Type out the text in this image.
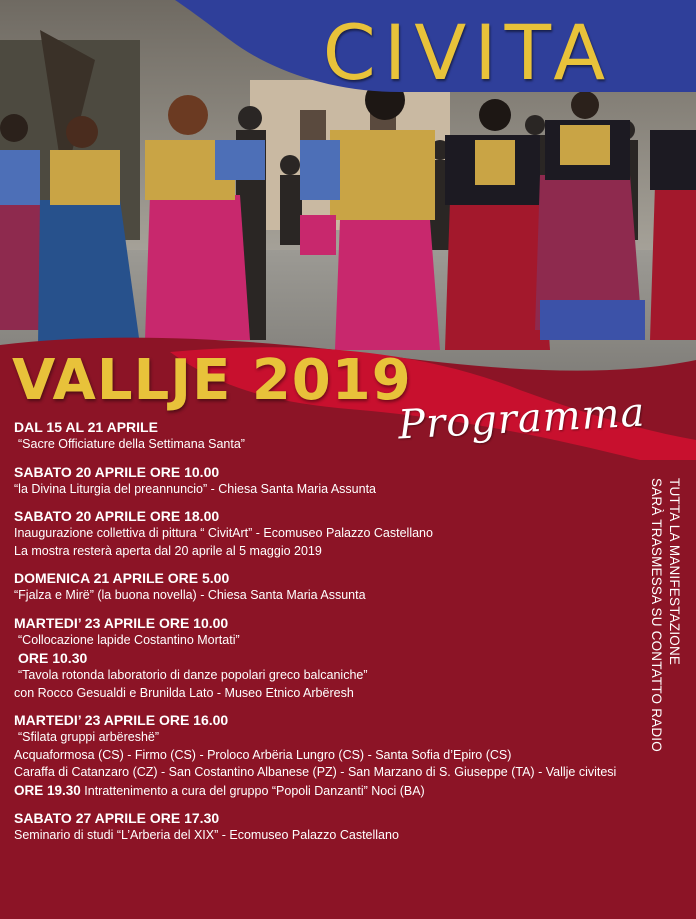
CIVITA
VALLJE 2019
Programma
DAL 15 AL 21 APRILE
“Sacre Officiature della Settimana Santa”
SABATO 20 APRILE ORE 10.00
“la Divina Liturgia del preannuncio” - Chiesa Santa Maria Assunta
SABATO 20 APRILE ORE 18.00
Inaugurazione collettiva di pittura “ CivitArt” - Ecomuseo Palazzo Castellano
La mostra resterà aperta dal 20 aprile al 5 maggio 2019
DOMENICA 21 APRILE ORE 5.00
“Fjalza e Mirë” (la buona novella) - Chiesa Santa Maria Assunta
MARTEDI’ 23 APRILE ORE 10.00
“Collocazione lapide Costantino Mortati”
ORE 10.30
“Tavola rotonda laboratorio di danze popolari greco balcaniche”
con Rocco Gesualdi e Brunilda Lato - Museo Etnico Arbëresh
MARTEDI’ 23 APRILE ORE 16.00
“Sfilata gruppi arbëreshë”
Acquaformosa (CS) - Firmo (CS) - Proloco Arbëria Lungro (CS) - Santa Sofia d’Epiro (CS)
Caraffa di Catanzaro (CZ) - San Costantino Albanese (PZ) - San Marzano di S. Giuseppe (TA) - Vallje civitesi
ORE 19.30 Intrattenimento a cura del gruppo “Popoli Danzanti” Noci (BA)
SABATO 27 APRILE ORE 17.30
Seminario di studi “L’Arberia del XIX” - Ecomuseo Palazzo Castellano
TUTTA LA MANIFESTAZIONE
SARÀ TRASMESSA SU CONTATTO RADIO
